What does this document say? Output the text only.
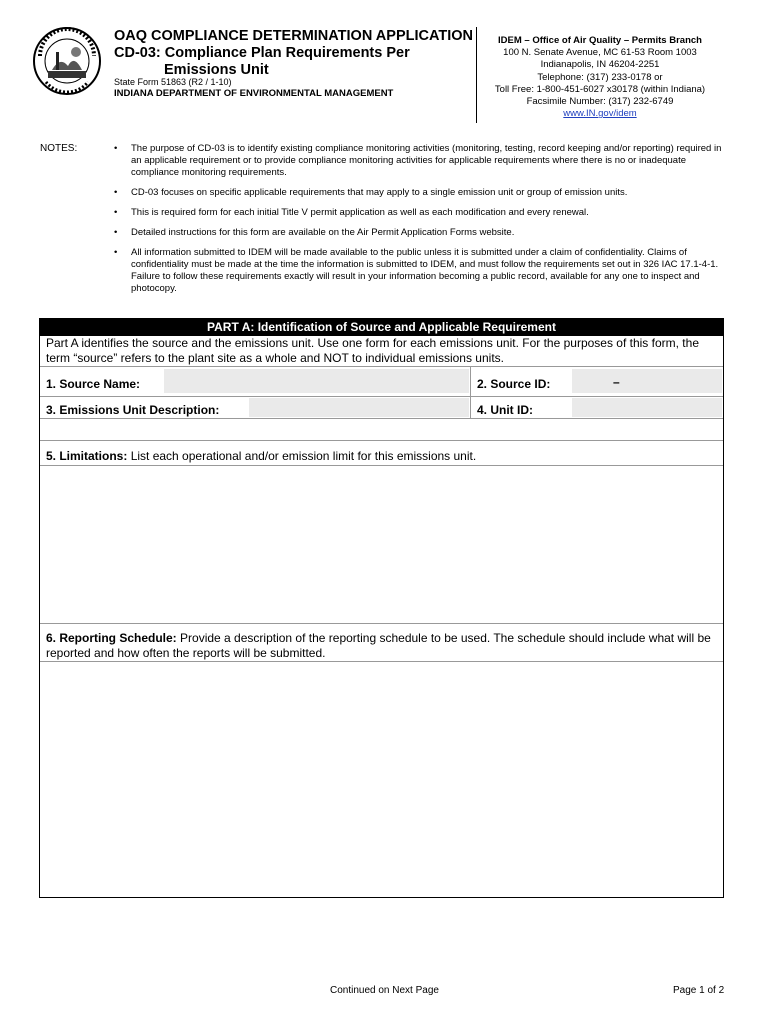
OAQ COMPLIANCE DETERMINATION APPLICATION
CD-03: Compliance Plan Requirements Per
Emissions Unit
State Form 51863 (R2 / 1-10)
INDIANA DEPARTMENT OF ENVIRONMENTAL MANAGEMENT
IDEM – Office of Air Quality – Permits Branch
100 N. Senate Avenue, MC 61-53 Room 1003
Indianapolis, IN 46204-2251
Telephone: (317) 233-0178 or
Toll Free: 1-800-451-6027 x30178 (within Indiana)
Facsimile Number: (317) 232-6749
www.IN.gov/idem
NOTES:	• The purpose of CD-03 is to identify existing compliance monitoring activities (monitoring, testing, record keeping and/or reporting) required in an applicable requirement or to provide compliance monitoring activities for applicable requirements where there is no or inadequate compliance monitoring requirements.
• CD-03 focuses on specific applicable requirements that may apply to a single emission unit or group of emission units.
• This is required form for each initial Title V permit application as well as each modification and every renewal.
• Detailed instructions for this form are available on the Air Permit Application Forms website.
• All information submitted to IDEM will be made available to the public unless it is submitted under a claim of confidentiality. Claims of confidentiality must be made at the time the information is submitted to IDEM, and must follow the requirements set out in 326 IAC 17.1-4-1. Failure to follow these requirements exactly will result in your information becoming a public record, available for any one to inspect and photocopy.
PART A: Identification of Source and Applicable Requirement
Part A identifies the source and the emissions unit. Use one form for each emissions unit. For the purposes of this form, the term “source” refers to the plant site as a whole and NOT to individual emissions units.
1. Source Name:	2. Source ID:	–
3. Emissions Unit Description:	4. Unit ID:
5. Limitations: List each operational and/or emission limit for this emissions unit.
6. Reporting Schedule: Provide a description of the reporting schedule to be used. The schedule should include what will be reported and how often the reports will be submitted.
Continued on Next Page	Page 1 of 2
